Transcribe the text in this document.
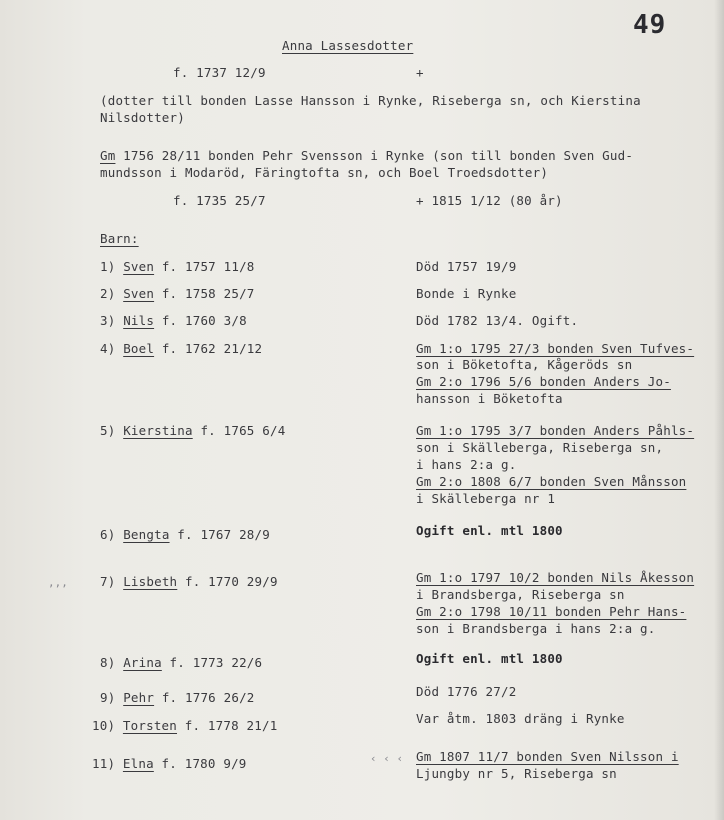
49
Anna Lassesdotter
f. 1737 12/9	+
(dotter till bonden Lasse Hansson i Rynke, Riseberga sn, och Kierstina
Nilsdotter)
Gm 1756 28/11 bonden Pehr Svensson i Rynke (son till bonden Sven Gud-
mundsson i Modaröd, Färingtofta sn, och Boel Troedsdotter)
f. 1735 25/7	+ 1815 1/12 (80 år)
Barn:
1) Sven f. 1757 11/8	Död 1757 19/9
2) Sven f. 1758 25/7	Bonde i Rynke
3) Nils f. 1760 3/8	Död 1782 13/4. Ogift.
4) Boel f. 1762 21/12	Gm 1:o 1795 27/3 bonden Sven Tufves-
son i Böketofta, Kågeröds sn
Gm 2:o 1796 5/6 bonden Anders Jo-
hansson i Böketofta
5) Kierstina f. 1765 6/4	Gm 1:o 1795 3/7 bonden Anders Påhls-
son i Skälleberga, Riseberga sn,
i hans 2:a g.
Gm 2:o 1808 6/7 bonden Sven Månsson
i Skälleberga nr 1
6) Bengta f. 1767 28/9	Ogift enl. mtl 1800
7) Lisbeth f. 1770 29/9	Gm 1:o 1797 10/2 bonden Nils Åkesson
i Brandsberga, Riseberga sn
Gm 2:o 1798 10/11 bonden Pehr Hans-
son i Brandsberga i hans 2:a g.
8) Arina f. 1773 22/6	Ogift enl. mtl 1800
9) Pehr f. 1776 26/2	Död 1776 27/2
10) Torsten f. 1778 21/1	Var åtm. 1803 dräng i Rynke
11) Elna f. 1780 9/9	Gm 1807 11/7 bonden Sven Nilsson i
Ljungby nr 5, Riseberga sn
,,,
‹ ‹ ‹
